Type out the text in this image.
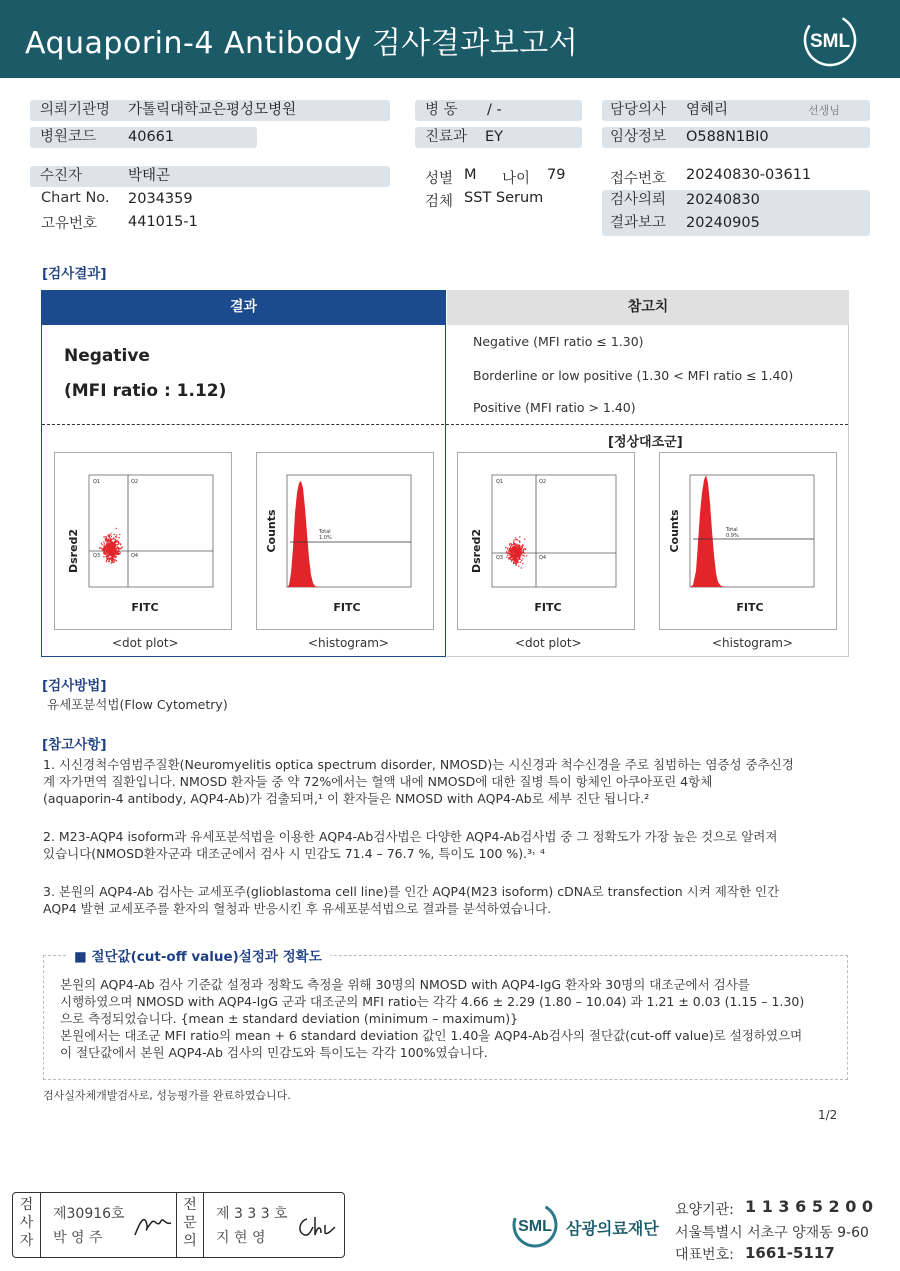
Aquaporin-4 Antibody 검사결과보고서	SML
의뢰기관명 가톨릭대학교은평성모병원
병원코드 40661
병 동 / -
진료과 EY
담당의사 염혜리	선생님
임상정보 O588N1BI0
수진자	박태곤
Chart No. 2034359
고유번호 441015-1
성별 M 나이 79
검체 SST Serum
접수번호 20240830-03611
검사의뢰 20240830
결과보고 20240905
[검사결과]
결과	참고치
Negative
(MFI ratio : 1.12)
Negative (MFI ratio ≤ 1.30)
Borderline or low positive (1.30 < MFI ratio ≤ 1.40)
Positive (MFI ratio > 1.40)
[정상대조군]
Q1	Q2
Q3	Q4
Dsred2
FITC
Total
1.0%
Counts
FITC
Q1	Q2
Q3	Q4
Dsred2
FITC
Total
0.9%
Counts
FITC
<dot plot>	<histogram>	<dot plot>	<histogram>
[검사방법]
유세포분석법(Flow Cytometry)
[참고사항]
1. 시신경척수염범주질환(Neuromyelitis optica spectrum disorder, NMOSD)는 시신경과 척수신경을 주로 침범하는 염증성 중추신경
계 자가면역 질환입니다. NMOSD 환자들 중 약 72%에서는 혈액 내에 NMOSD에 대한 질병 특이 항체인 아쿠아포린 4항체
(aquaporin-4 antibody, AQP4-Ab)가 검출되며,¹ 이 환자들은 NMOSD with AQP4-Ab로 세부 진단 됩니다.²
2. M23-AQP4 isoform과 유세포분석법을 이용한 AQP4-Ab검사법은 다양한 AQP4-Ab검사법 중 그 정확도가 가장 높은 것으로 알려져
있습니다(NMOSD환자군과 대조군에서 검사 시 민감도 71.4 – 76.7 %, 특이도 100 %).³˒ ⁴
3. 본원의 AQP4-Ab 검사는 교세포주(glioblastoma cell line)를 인간 AQP4(M23 isoform) cDNA로 transfection 시켜 제작한 인간
AQP4 발현 교세포주를 환자의 혈청과 반응시킨 후 유세포분석법으로 결과를 분석하였습니다.
■ 절단값(cut-off value)설정과 정확도
본원의 AQP4-Ab 검사 기준값 설정과 정확도 측정을 위해 30명의 NMOSD with AQP4-IgG 환자와 30명의 대조군에서 검사를
시행하였으며 NMOSD with AQP4-IgG 군과 대조군의 MFI ratio는 각각 4.66 ± 2.29 (1.80 – 10.04) 과 1.21 ± 0.03 (1.15 – 1.30)
으로 측정되었습니다. {mean ± standard deviation (minimum – maximum)}
본원에서는 대조군 MFI ratio의 mean + 6 standard deviation 값인 1.40을 AQP4-Ab검사의 절단값(cut-off value)로 설정하였으며
이 절단값에서 본원 AQP4-Ab 검사의 민감도와 특이도는 각각 100%였습니다.
검사실자체개발검사로, 성능평가를 완료하였습니다.
1/2
검사자
제30916호
박 영 주
전문의
제 3 3 3 호
지 현 영
SML 삼광의료재단
요양기관: 1 1 3 6 5 2 0 0
서울특별시 서초구 양재동 9-60
대표번호: 1661-5117
